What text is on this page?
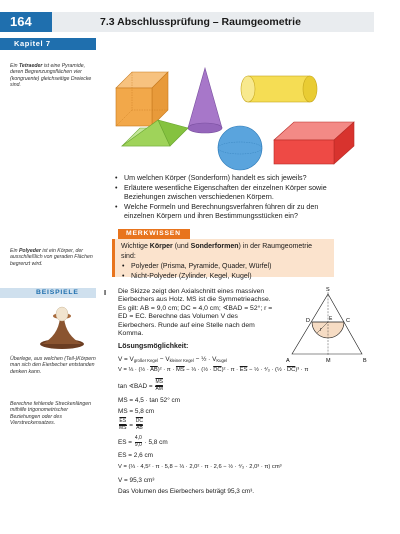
164	7.3 Abschlussprüfung – Raumgeometrie
Kapitel 7
Ein Tetraeder ist eine Pyramide, deren Begrenzungsflächen vier (kongruente) gleichseitige Dreiecke sind.
• Um welchen Körper (Sonderform) handelt es sich jeweils?
• Erläutere wesentliche Eigenschaften der einzelnen Körper sowie Beziehungen zwischen verschiedenen Körpern.
• Welche Formeln und Berechnungsverfahren führen dir zu den einzelnen Körpern und ihren Bestimmungsstücken ein?
Ein Polyeder ist ein Körper, der ausschließlich von geraden Flächen begrenzt wird.
MERKWISSEN
Wichtige Körper (und Sonderformen) in der Raumgeometrie sind:
• Polyeder (Prisma, Pyramide, Quader, Würfel)
• Nicht-Polyeder (Zylinder, Kegel, Kugel)
BEISPIELE
Überlege, aus welchen (Teil-)Körpern man sich den Eierbecher entstanden denken kann.
Berechne fehlende Streckenlängen mithilfe trigonometrischer Beziehungen oder des Vierstreckensatzes.
I Die Skizze zeigt den Axialschnitt eines massiven Eierbechers aus Holz. MS ist die Symmetrieachse. Es gilt: AB = 9,0 cm; DC = 4,0 cm; ∢BAD = 52°; r = ED = EC. Berechne das Volumen V des Eierbechers. Runde auf eine Stelle nach dem Komma.
Lösungsmöglichkeit:
S
D	C
E
r
A	M	B
$V = V_{großer Kegel} - V_{kleiner Kegel}$ − ½ · $V_{Kugel}$
V = ⅓ · (½ · $\overline{AB})^2 \cdot \pi \cdot \overline{MS}$ − ⅓ · (½ · $\overline{DC})^2 \cdot \pi \cdot \overline{ES}$ − ½ · ⁴⁄₃ · (½ · $\overline{DC})^3 \cdot \pi$
tan ∢BAD = $\frac{\overline{MS}}{AM}$
MS = 4,5 · tan 52° cm
MS = 5,8 cm
$\frac{\overline{ES}}{MS} = \frac{\overline{DC}}{AB}$
ES = $\frac{4,0}{9,0} \cdot 5,8$ cm
ES = 2,6 cm
V = (⅓ · 4,5² · π · 5,8 − ⅓ · 2,0² · π · 2,6 − ½ · ⁴⁄₃ · 2,0³ · π) cm³
V = 95,3 cm³
Das Volumen des Eierbechers beträgt 95,3 cm³.
